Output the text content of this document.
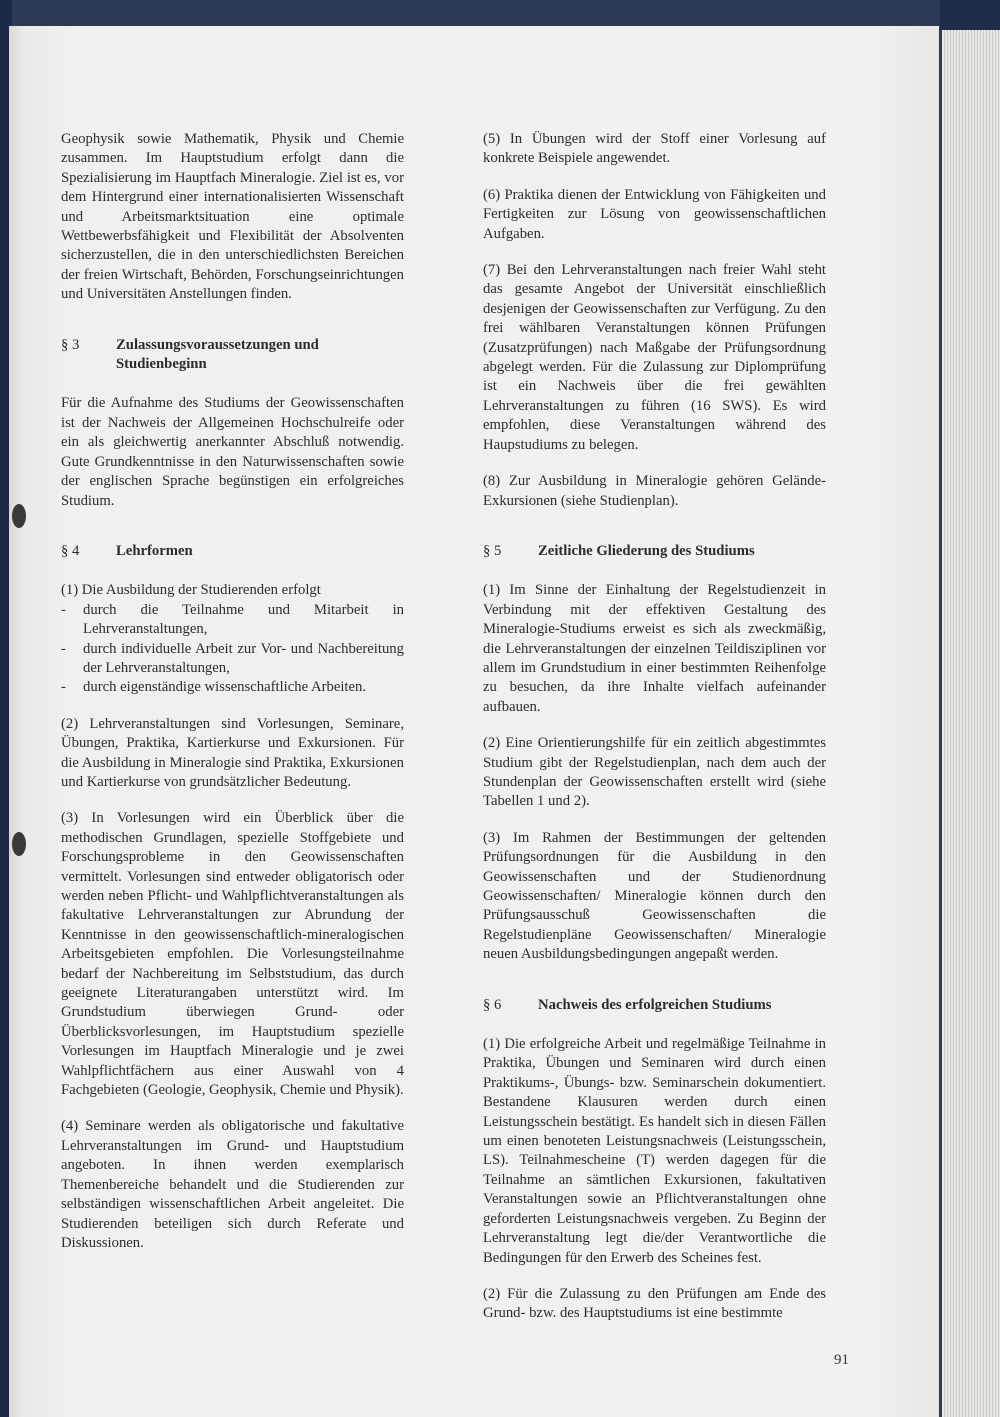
Geophysik sowie Mathematik, Physik und Chemie zusammen. Im Hauptstudium erfolgt dann die Spezialisierung im Hauptfach Mineralogie. Ziel ist es, vor dem Hintergrund einer internationalisierten Wissenschaft und Arbeitsmarktsituation eine optimale Wettbewerbsfähigkeit und Flexibilität der Absolventen sicherzustellen, die in den unterschiedlichsten Bereichen der freien Wirtschaft, Behörden, Forschungseinrichtungen und Universitäten Anstellungen finden.

§ 3	Zulassungsvoraussetzungen und Studienbeginn

Für die Aufnahme des Studiums der Geowissenschaften ist der Nachweis der Allgemeinen Hochschulreife oder ein als gleichwertig anerkannter Abschluß notwendig. Gute Grundkenntnisse in den Naturwissenschaften sowie der englischen Sprache begünstigen ein erfolgreiches Studium.

§ 4	Lehrformen
(1) Die Ausbildung der Studierenden erfolgt
-	durch die Teilnahme und Mitarbeit in Lehrveranstaltungen,
-	durch individuelle Arbeit zur Vor- und Nachbereitung der Lehrveranstaltungen,
-	durch eigenständige wissenschaftliche Arbeiten.

(2) Lehrveranstaltungen sind Vorlesungen, Seminare, Übungen, Praktika, Kartierkurse und Exkursionen. Für die Ausbildung in Mineralogie sind Praktika, Exkursionen und Kartierkurse von grundsätzlicher Bedeutung.

(3) In Vorlesungen wird ein Überblick über die methodischen Grundlagen, spezielle Stoffgebiete und Forschungsprobleme in den Geowissenschaften vermittelt. Vorlesungen sind entweder obligatorisch oder werden neben Pflicht- und Wahlpflichtveranstaltungen als fakultative Lehrveranstaltungen zur Abrundung der Kenntnisse in den geowissenschaftlich-mineralogischen Arbeitsgebieten empfohlen. Die Vorlesungsteilnahme bedarf der Nachbereitung im Selbststudium, das durch geeignete Literaturangaben unterstützt wird. Im Grundstudium überwiegen Grund- oder Überblicksvorlesungen, im Hauptstudium spezielle Vorlesungen im Hauptfach Mineralogie und je zwei Wahlpflichtfächern aus einer Auswahl von 4 Fachgebieten (Geologie, Geophysik, Chemie und Physik).

(4) Seminare werden als obligatorische und fakultative Lehrveranstaltungen im Grund- und Hauptstudium angeboten. In ihnen werden exemplarisch Themenbereiche behandelt und die Studierenden zur selbständigen wissenschaftlichen Arbeit angeleitet. Die Studierenden beteiligen sich durch Referate und Diskussionen.

(5) In Übungen wird der Stoff einer Vorlesung auf konkrete Beispiele angewendet.

(6) Praktika dienen der Entwicklung von Fähigkeiten und Fertigkeiten zur Lösung von geowissenschaftlichen Aufgaben.

(7) Bei den Lehrveranstaltungen nach freier Wahl steht das gesamte Angebot der Universität einschließlich desjenigen der Geowissenschaften zur Verfügung. Zu den frei wählbaren Veranstaltungen können Prüfungen (Zusatzprüfungen) nach Maßgabe der Prüfungsordnung abgelegt werden. Für die Zulassung zur Diplomprüfung ist ein Nachweis über die frei gewählten Lehrveranstaltungen zu führen (16 SWS). Es wird empfohlen, diese Veranstaltungen während des Haupstudiums zu belegen.

(8) Zur Ausbildung in Mineralogie gehören Gelände-Exkursionen (siehe Studienplan).

§ 5	Zeitliche Gliederung des Studiums

(1) Im Sinne der Einhaltung der Regelstudienzeit in Verbindung mit der effektiven Gestaltung des Mineralogie-Studiums erweist es sich als zweckmäßig, die Lehrveranstaltungen der einzelnen Teildisziplinen vor allem im Grundstudium in einer bestimmten Reihenfolge zu besuchen, da ihre Inhalte vielfach aufeinander aufbauen.

(2) Eine Orientierungshilfe für ein zeitlich abgestimmtes Studium gibt der Regelstudienplan, nach dem auch der Stundenplan der Geowissenschaften erstellt wird (siehe Tabellen 1 und 2).

(3) Im Rahmen der Bestimmungen der geltenden Prüfungsordnungen für die Ausbildung in den Geowissenschaften und der Studienordnung Geowissenschaften/ Mineralogie können durch den Prüfungsausschuß Geowissenschaften die Regelstudienpläne Geowissenschaften/ Mineralogie neuen Ausbildungsbedingungen angepaßt werden.

§ 6	Nachweis des erfolgreichen Studiums

(1) Die erfolgreiche Arbeit und regelmäßige Teilnahme in Praktika, Übungen und Seminaren wird durch einen Praktikums-, Übungs- bzw. Seminarschein dokumentiert. Bestandene Klausuren werden durch einen Leistungsschein bestätigt. Es handelt sich in diesen Fällen um einen benoteten Leistungsnachweis (Leistungsschein, LS). Teilnahmescheine (T) werden dagegen für die Teilnahme an sämtlichen Exkursionen, fakultativen Veranstaltungen sowie an Pflichtveranstaltungen ohne geforderten Leistungsnachweis vergeben. Zu Beginn der Lehrveranstaltung legt die/der Verantwortliche die Bedingungen für den Erwerb des Scheines fest.

(2) Für die Zulassung zu den Prüfungen am Ende des Grund- bzw. des Hauptstudiums ist eine bestimmte

91
